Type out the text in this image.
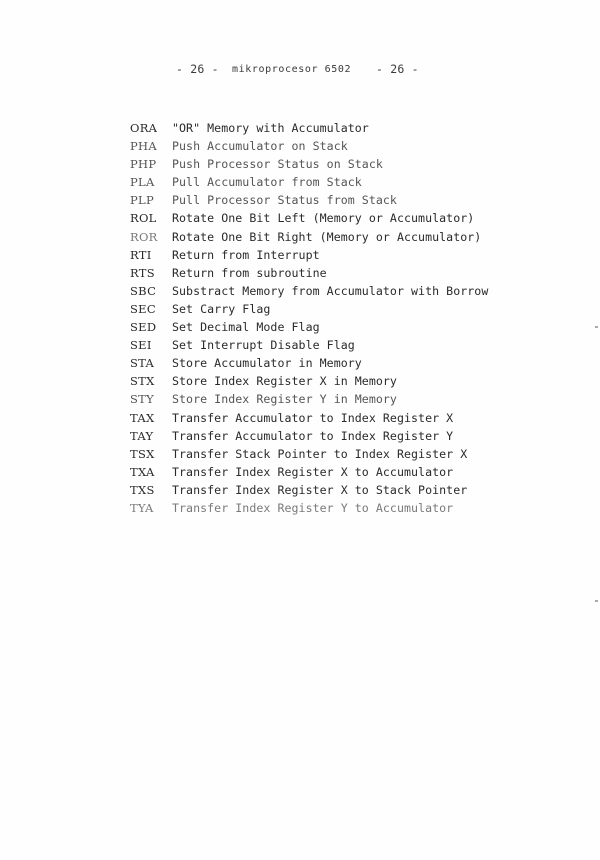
- 26 - mikroprocesor 6502 - 26 -
ORA	"OR" Memory with Accumulator
PHA	Push Accumulator on Stack
PHP	Push Processor Status on Stack
PLA	Pull Accumulator from Stack
PLP	Pull Processor Status from Stack
ROL	Rotate One Bit Left (Memory or Accumulator)
ROR	Rotate One Bit Right (Memory or Accumulator)
RTI	Return from Interrupt
RTS	Return from subroutine
SBC	Substract Memory from Accumulator with Borrow
SEC	Set Carry Flag
SED	Set Decimal Mode Flag
SEI	Set Interrupt Disable Flag
STA	Store Accumulator in Memory
STX	Store Index Register X in Memory
STY	Store Index Register Y in Memory
TAX	Transfer Accumulator to Index Register X
TAY	Transfer Accumulator to Index Register Y
TSX	Transfer Stack Pointer to Index Register X
TXA	Transfer Index Register X to Accumulator
TXS	Transfer Index Register X to Stack Pointer
TYA	Transfer Index Register Y to Accumulator
